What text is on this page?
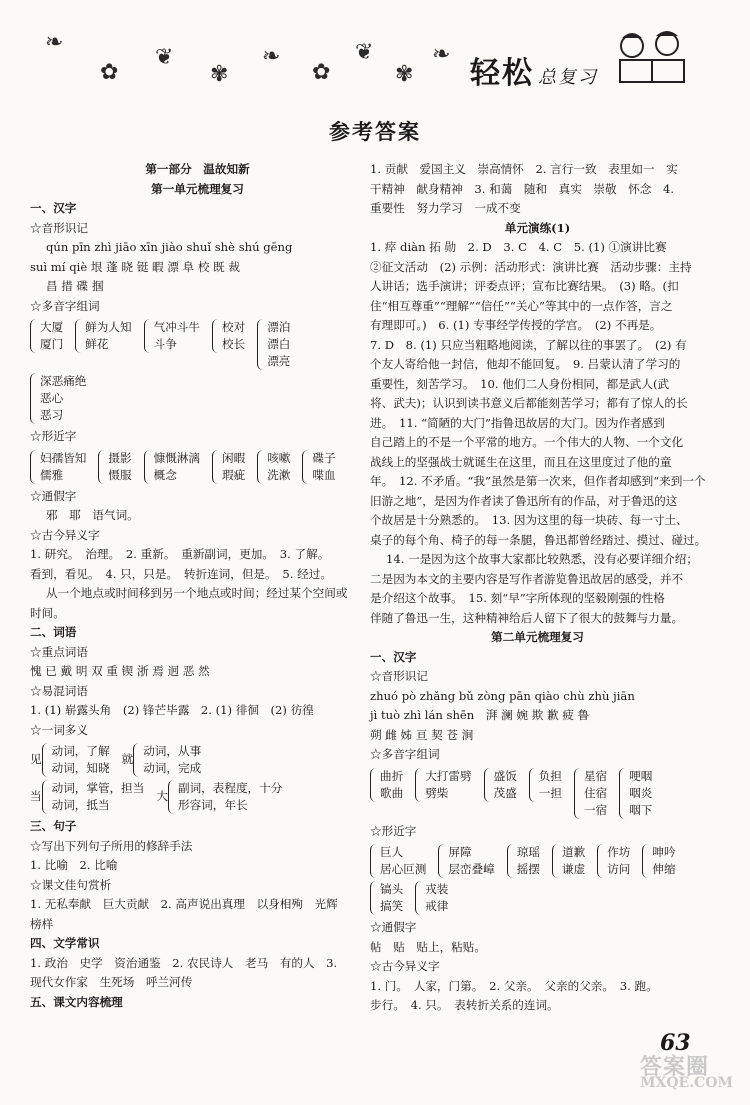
❧
✿
❦
✾
❧
✿
❦
✾
❧
轻松 总复习
参考答案
第一部分　温故知新
第一单元梳理复习
一、汉字
☆音形识记
qún pīn zhì jiāo xīn jiào shuǐ shè shú gēng
suì mí qiè 垠 蓬 晓 铤 暇 漂 阜 校 既 裁
昌 措 碟 掴
☆多音字组词
大厦
厦门
鲜为人知
鲜花
气冲斗牛
斗争
校对
校长
漂泊
漂白
漂亮
深恶痛绝
恶心
恶习
☆形近字
妇孺皆知
儒雅
摄影
慑服
慷慨淋漓
概念
闲暇
瑕疵
咳嗽
洗漱
碟子
喋血
☆通假字
邪　耶　语气词。
☆古今异义字
1. 研究。　治理。　2. 重新。　重新副词，更加。　3. 了解。
看到，看见。　4. 只，只是。　转折连词，但是。　5. 经过。
从一个地点或时间移到另一个地点或时间；经过某个空间或
时间。
二、词语
☆重点词语
愧 已 戴 明 双 重 锲 浙 焉 迥 恶 然
☆易混词语
1. (1) 崭露头角　(2) 锋芒毕露　2. (1) 徘徊　(2) 彷徨
☆一词多义
见
动词，了解
动词，知晓
就
动词，从事
动词，完成
当
动词，掌管，担当
动词，抵当
大
副词，表程度，十分
形容词，年长
三、句子
☆写出下列句子所用的修辞手法
1. 比喻　2. 比喻
☆课文佳句赏析
1. 无私奉献　巨大贡献　2. 高声说出真理　以身相殉　光辉
榜样
四、文学常识
1. 政治　史学　资治通鉴　2. 农民诗人　老马　有的人　3.
现代女作家　生死场　呼兰河传
五、课文内容梳理
1. 贡献　爱国主义　崇高情怀　2. 言行一致　表里如一　实
干精神　献身精神　3. 和蔼　随和　真实　崇敬　怀念　4.
重要性　努力学习　一成不变
单元演练(1)
1. 瘁 diàn 拓 勋　2. D　3. C　4. C　5. (1) ①演讲比赛
②征文活动　(2) 示例：活动形式：演讲比赛　活动步骤：主持
人讲话；选手演讲；评委点评；宣布比赛结果。　(3) 略。(扣
住“相互尊重”“理解”“信任”“关心”等其中的一点作答，言之
有理即可。)　6. (1) 专事经学传授的学宫。　(2) 不再是。
7. D　8. (1) 只应当粗略地阅读，了解以往的事罢了。　(2) 有
个友人寄给他一封信，他却不能回复。　9. 吕蒙认清了学习的
重要性，刻苦学习。　10. 他们二人身份相同，都是武人(武
将、武夫)；认识到读书意义后都能刻苦学习；都有了惊人的长
进。　11. “简陋的大门”指鲁迅故居的大门。因为作者感到
自己踏上的不是一个平常的地方。一个伟大的人物、一个文化
战线上的坚强战士就诞生在这里，而且在这里度过了他的童
年。　12. 不矛盾。“我”虽然是第一次来，但作者却感到“来到一个
旧游之地”，是因为作者读了鲁迅所有的作品，对于鲁迅的这
个故居是十分熟悉的。　13. 因为这里的每一块砖、每一寸土、
桌子的每个角、椅子的每一条腿，鲁迅都曾经踏过、摸过、碰过。
14. 一是因为这个故事大家都比较熟悉，没有必要详细介绍；
二是因为本文的主要内容是写作者游览鲁迅故居的感受，并不
是介绍这个故事。　15. 刻“早”字所体现的坚毅刚强的性格
伴随了鲁迅一生，这种精神给后人留下了很大的鼓舞与力量。
第二单元梳理复习
一、汉字
☆音形识记
zhuó pò zhǎng bǔ zòng pān qiào chù zhù jiān
jì tuò zhì lán shēn　湃 澜 婉 欺 歉 疲 鲁
朔 雌 姊 亘 契 苍 涧
☆多音字组词
曲折
歌曲
大打雷劈
劈柴
盛饭
茂盛
负担
一担
星宿
住宿
一宿
哽咽
咽炎
咽下
☆形近字
巨人
居心叵测
屏障
层峦叠嶂
琼瑶
摇摆
道歉
谦虚
作坊
访问
呻吟
伸缩
镐头
搞笑
戎装
戒律
☆通假字
帖　贴　贴上，粘贴。
☆古今异义字
1. 门。　人家，门第。　2. 父亲。　父亲的父亲。　3. 跑。
步行。　4. 只。　表转折关系的连词。
63
答案圈
MXQE.COM
